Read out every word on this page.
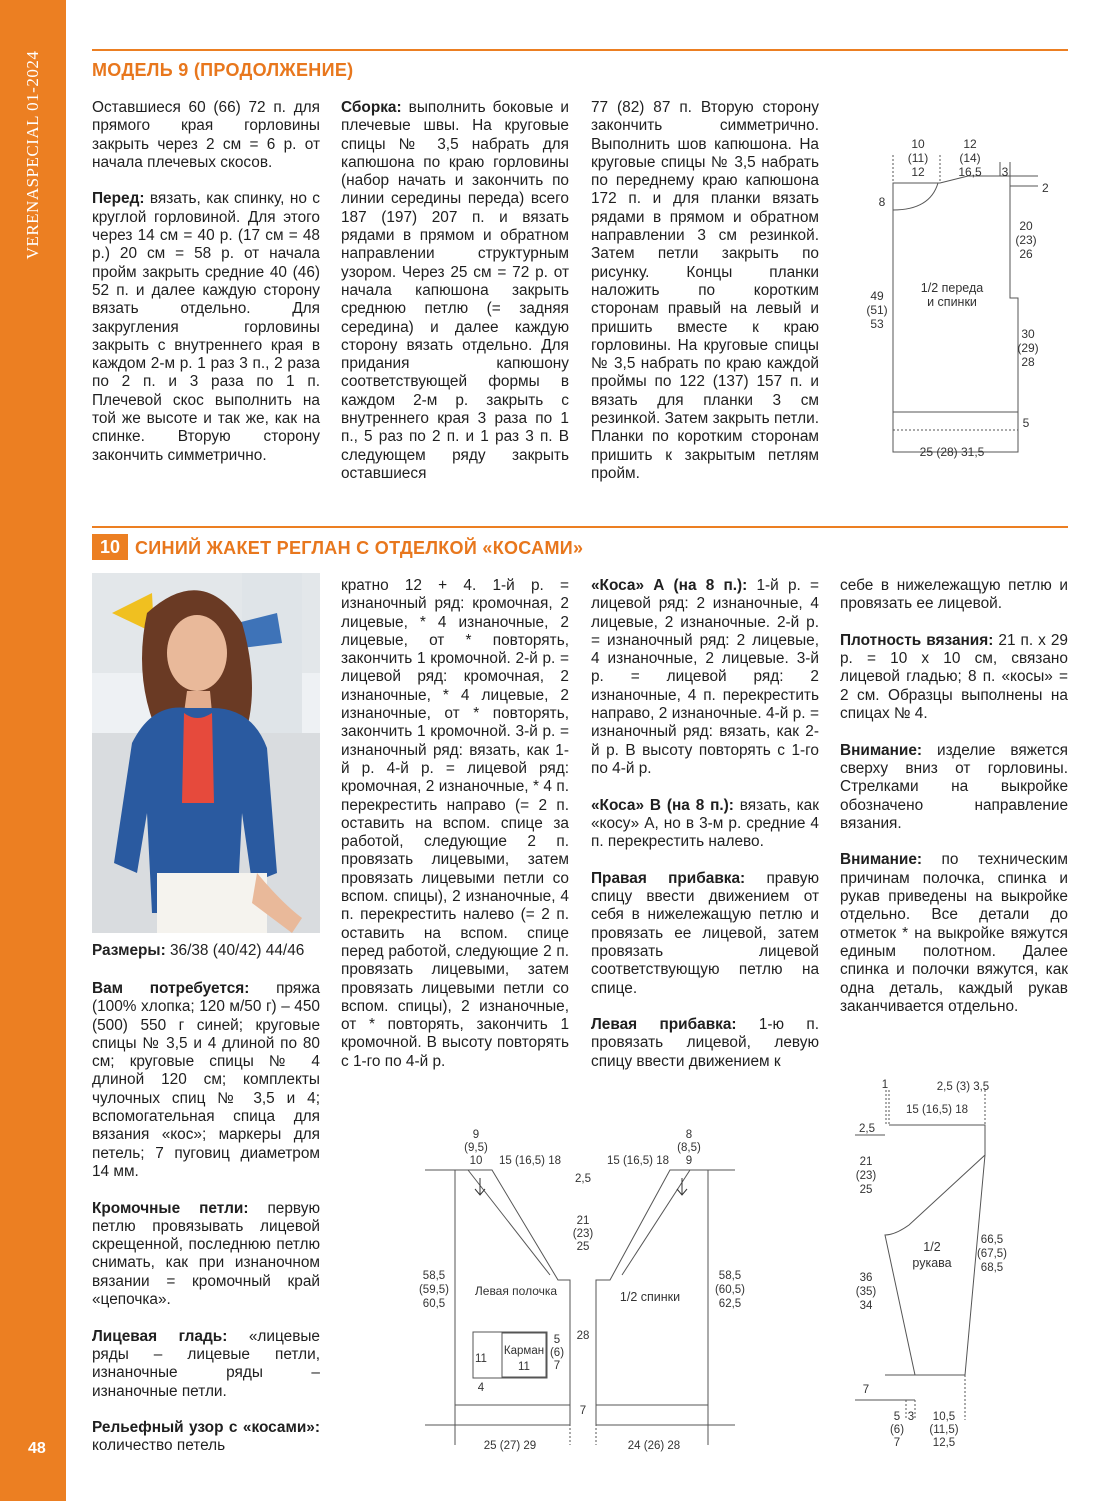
VERENASPECIAL 01-2024
48
МОДЕЛЬ 9 (ПРОДОЛЖЕНИЕ)
Оставшиеся 60 (66) 72 п. для прямого края горловины закрыть через 2 см = 6 р. от начала плечевых скосов.

Перед: вязать, как спинку, но с круглой горловиной. Для этого через 14 см = 40 р. (17 см = 48 р.) 20 см = 58 р. от начала пройм закрыть средние 40 (46) 52 п. и далее каждую сторону вязать отдельно. Для закругления горловины закрыть с внутреннего края в каждом 2-м р. 1 раз 3 п., 2 раза по 2 п. и 3 раза по 1 п. Плечевой скос выполнить на той же высоте и так же, как на спинке. Вторую сторону закончить симметрично.
Сборка: выполнить боковые и плечевые швы. На круговые спицы № 3,5 набрать для капюшона по краю горловины (набор начать и закончить по линии середины переда) всего 187 (197) 207 п. и вязать рядами в прямом и обратном направлении структурным узором. Через 25 см = 72 р. от начала капюшона закрыть среднюю петлю (= задняя середина) и далее каждую сторону вязать отдельно. Для придания капюшону соответствующей формы в каждом 2-м р. закрыть с внутреннего края 3 раза по 1 п., 5 раз по 2 п. и 1 раз 3 п. В следующем ряду закрыть оставшиеся
77 (82) 87 п. Вторую сторону закончить симметрично. Выполнить шов капюшона. На круговые спицы № 3,5 набрать по переднему краю капюшона 172 п. и для планки вязать рядами в прямом и обратном направлении 3 см резинкой. Затем петли закрыть по рисунку. Концы планки наложить по коротким сторонам правый на левый и пришить вместе к краю горловины. На круговые спицы № 3,5 набрать по краю каждой проймы по 122 (137) 157 п. и вязать для планки 3 см резинкой. Затем закрыть петли. Планки по коротким сторонам пришить к закрытым петлям пройм.
10
(11)
12
12
(14)
16,5 3
2
8
20
(23)
26
49
(51)
53
1/2 переда
и спинки
30
(29)
28
5
25 (28) 31,5
10 СИНИЙ ЖАКЕТ РЕГЛАН С ОТДЕЛКОЙ «КОСАМИ»
Размеры: 36/38 (40/42) 44/46
Вам потребуется: пряжа (100% хлопка; 120 м/50 г) – 450 (500) 550 г синей; круговые спицы № 3,5 и 4 длиной по 80 см; круговые спицы № 4 длиной 120 см; комплекты чулочных спиц № 3,5 и 4; вспомогательная спица для вязания «кос»; маркеры для петель; 7 пуговиц диаметром 14 мм.

Кромочные петли: первую петлю провязывать лицевой скрещенной, последнюю петлю снимать, как при изнаночном вязании = кромочный край «цепочка».

Лицевая гладь: «лицевые ряды – лицевые петли, изнаночные ряды – изнаночные петли.

Рельефный узор с «косами»: количество петель
кратно 12 + 4. 1-й р. = изнаночный ряд: кромочная, 2 лицевые, * 4 изнаночные, 2 лицевые, от * повторять, закончить 1 кромочной. 2-й р. = лицевой ряд: кромочная, 2 изнаночные, * 4 лицевые, 2 изнаночные, от * повторять, закончить 1 кромочной. 3-й р. = изнаночный ряд: вязать, как 1-й р. 4-й р. = лицевой ряд: кромочная, 2 изнаночные, * 4 п. перекрестить направо (= 2 п. оставить на вспом. спице за работой, следующие 2 п. провязать лицевыми, затем провязать лицевыми петли со вспом. спицы), 2 изнаночные, 4 п. перекрестить налево (= 2 п. оставить на вспом. спице перед работой, следующие 2 п. провязать лицевыми, затем провязать лицевыми петли со вспом. спицы), 2 изнаночные, от * повторять, закончить 1 кромочной. В высоту повторять с 1-го по 4-й р.
«Коса» А (на 8 п.): 1-й р. = лицевой ряд: 2 изнаночные, 4 лицевые, 2 изнаночные. 2-й р. = изнаночный ряд: 2 лицевые, 4 изнаночные, 2 лицевые. 3-й р. = лицевой ряд: 2 изнаночные, 4 п. перекрестить направо, 2 изнаночные. 4-й р. = изнаночный ряд: вязать, как 2-й р. В высоту повторять с 1-го по 4-й р.

«Коса» В (на 8 п.): вязать, как «косу» А, но в 3-м р. средние 4 п. перекрестить налево.

Правая прибавка: правую спицу ввести движением от себя в нижележащую петлю и провязать ее лицевой, затем провязать лицевой соответствующую петлю на спице.

Левая прибавка: 1-ю п. провязать лицевой, левую спицу ввести движением к
себе в нижележащую петлю и провязать ее лицевой.

Плотность вязания: 21 п. x 29 р. = 10 x 10 см, связано лицевой гладью; 8 п. «косы» = 2 см. Образцы выполнены на спицах № 4.

Внимание: изделие вяжется сверху вниз от горловины. Стрелками на выкройке обозначено направление вязания.

Внимание: по техническим причинам полочка, спинка и рукав приведены на выкройке отдельно. Все детали до отметок * на выкройке вяжутся единым полотном. Далее спинка и полочки вяжутся, как одна деталь, каждый рукав заканчивается отдельно.
9
(9,5)
10 15 (16,5) 18	15 (16,5) 18
8
(8,5)
9
2,5
21
(23)
25
58,5
(59,5)
60,5
58,5
(60,5)
62,5
Левая полочка	1/2 спинки
Карман
11
11
4
5
(6)
7
28
7
25 (27) 29	24 (26) 28
1	2,5 (3) 3,5
15 (16,5) 18
2,5
21
(23)
25
1/2
рукава
66,5
(67,5)
68,5
36
(35)
34
7
5
(6)
7
3 10,5
(11,5)
12,5
